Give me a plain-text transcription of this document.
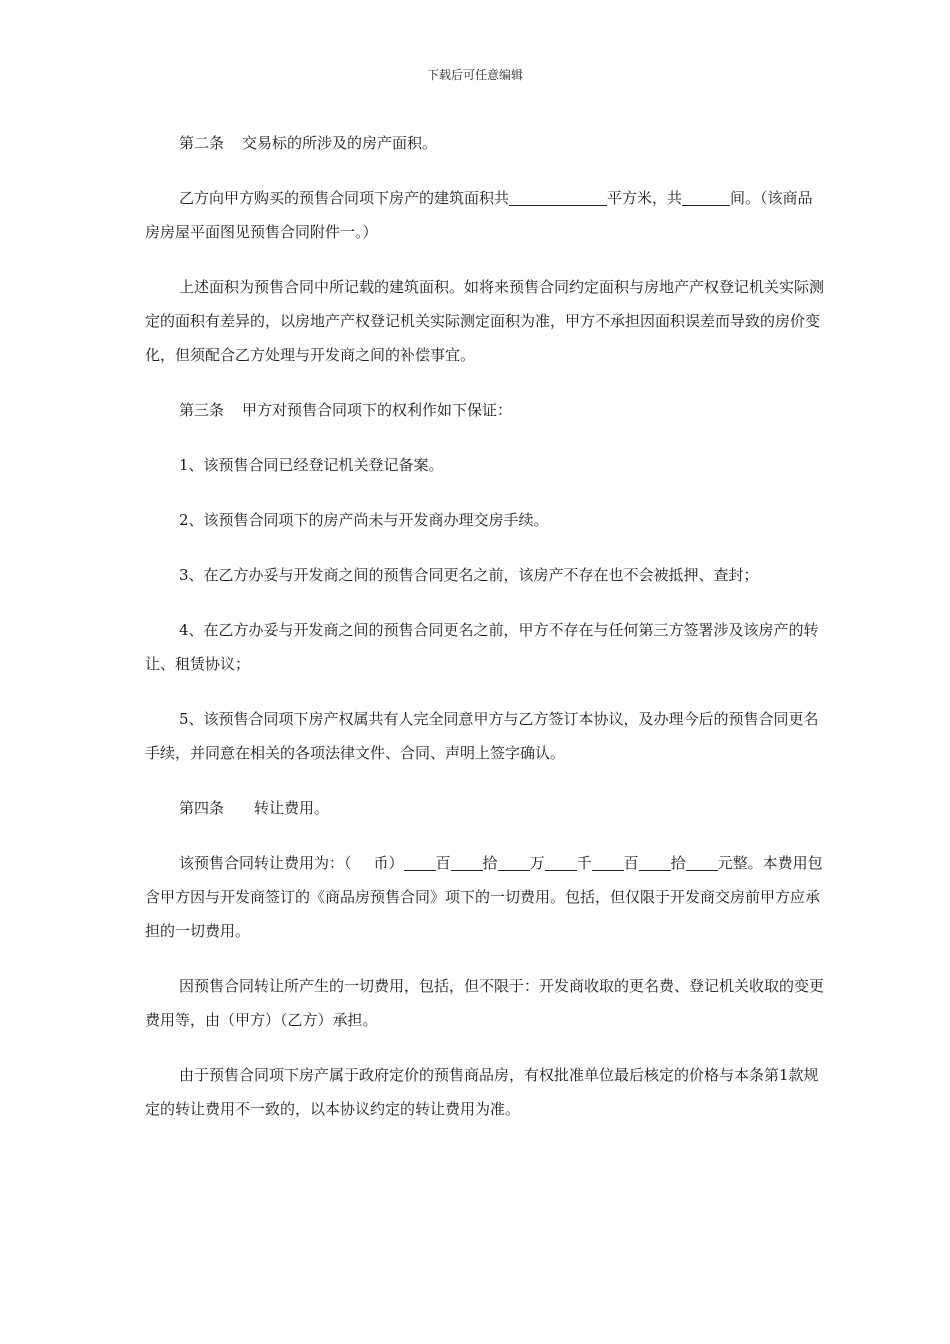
下载后可任意编辑

第二条 交易标的所涉及的房产面积。

乙方向甲方购买的预售合同项下房产的建筑面积共	平方米，共	间。（该商品房房屋平面图见预售合同附件一。）

上述面积为预售合同中所记载的建筑面积。如将来预售合同约定面积与房地产产权登记机关实际测定的面积有差异的，以房地产产权登记机关实际测定面积为准，甲方不承担因面积误差而导致的房价变化，但须配合乙方处理与开发商之间的补偿事宜。

第三条 甲方对预售合同项下的权利作如下保证：

1、该预售合同已经登记机关登记备案。

2、该预售合同项下的房产尚未与开发商办理交房手续。

3、在乙方办妥与开发商之间的预售合同更名之前，该房产不存在也不会被抵押、查封；

4、在乙方办妥与开发商之间的预售合同更名之前，甲方不存在与任何第三方签署涉及该房产的转让、租赁协议；

5、该预售合同项下房产权属共有人完全同意甲方与乙方签订本协议，及办理今后的预售合同更名手续，并同意在相关的各项法律文件、合同、声明上签字确认。

第四条 转让费用。

该预售合同转让费用为：（ 币） 百 拾 万 千 百 拾 元整。本费用包含甲方因与开发商签订的《商品房预售合同》项下的一切费用。包括，但仅限于开发商交房前甲方应承担的一切费用。

因预售合同转让所产生的一切费用，包括，但不限于：开发商收取的更名费、登记机关收取的变更费用等，由（甲方）（乙方）承担。

由于预售合同项下房产属于政府定价的预售商品房，有权批准单位最后核定的价格与本条第1款规定的转让费用不一致的，以本协议约定的转让费用为准。
